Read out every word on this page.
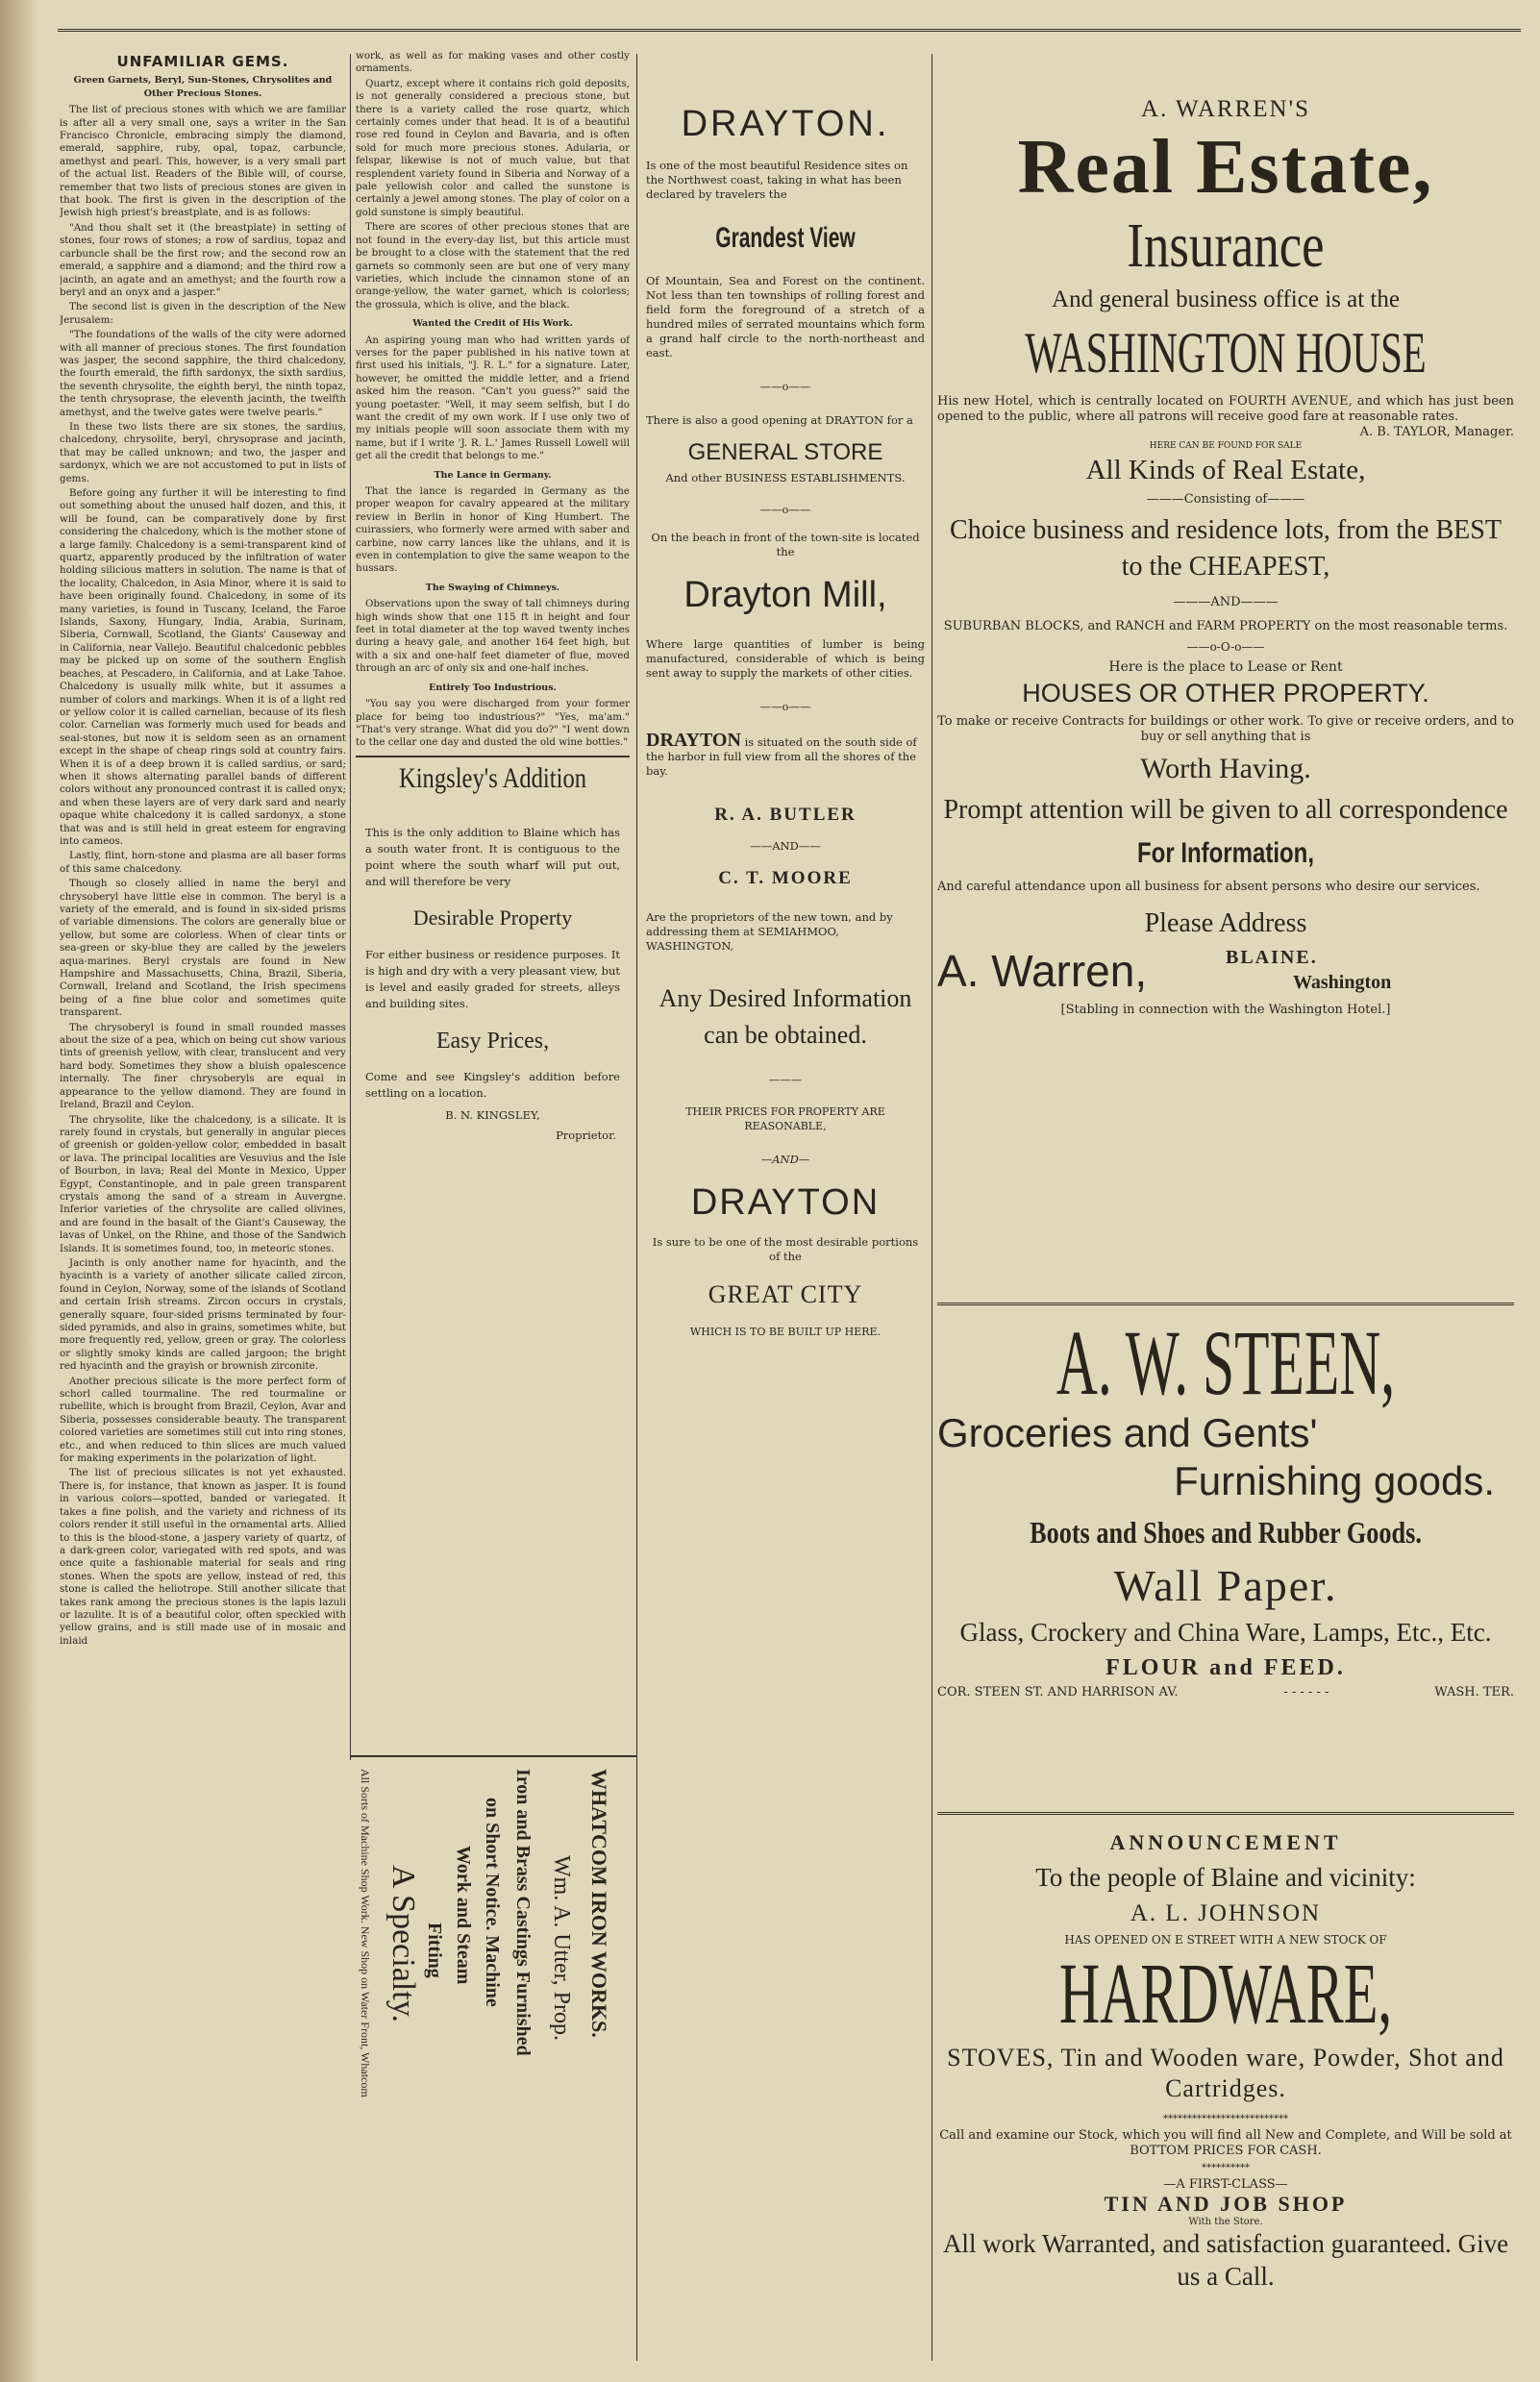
UNFAMILIAR GEMS.
Green Garnets, Beryl, Sun-Stones, Chrysolites and Other Precious Stones.

The list of precious stones with which we are familiar is after all a very small one, says a writer in the San Francisco Chronicle, embracing simply the diamond, emerald, sapphire, ruby, opal, topaz, carbuncle, amethyst and pearl. This, however, is a very small part of the actual list. Readers of the Bible will, of course, remember that two lists of precious stones are given in that book. The first is given in the description of the Jewish high priest's breastplate, and is as follows:

"And thou shalt set it (the breastplate) in setting of stones, four rows of stones; a row of sardius, topaz and carbuncle shall be the first row; and the second row an emerald, a sapphire and a diamond; and the third row a jacinth, an agate and an amethyst; and the fourth row a beryl and an onyx and a jasper."

The second list is given in the description of the New Jerusalem:

"The foundations of the walls of the city were adorned with all manner of precious stones. The first foundation was jasper, the second sapphire, the third chalcedony, the fourth emerald, the fifth sardonyx, the sixth sardius, the seventh chrysolite, the eighth beryl, the ninth topaz, the tenth chrysoprase, the eleventh jacinth, the twelfth amethyst, and the twelve gates were twelve pearls."

In these two lists there are six stones, the sardius, chalcedony, chrysolite, beryl, chrysoprase and jacinth, that may be called unknown; and two, the jasper and sardonyx, which we are not accustomed to put in lists of gems.

Before going any further it will be interesting to find out something about the unused half dozen, and this, it will be found, can be comparatively done by first considering the chalcedony, which is the mother stone of a large family. Chalcedony is a semi-transparent kind of quartz, apparently produced by the infiltration of water holding silicious matters in solution. The name is that of the locality, Chalcedon, in Asia Minor, where it is said to have been originally found. Chalcedony, in some of its many varieties, is found in Tuscany, Iceland, the Faroe Islands, Saxony, Hungary, India, Arabia, Surinam, Siberia, Cornwall, Scotland, the Giants' Causeway and in California, near Vallejo. Beautiful chalcedonic pebbles may be picked up on some of the southern English beaches, at Pescadero, in California, and at Lake Tahoe. Chalcedony is usually milk white, but it assumes a number of colors and markings. When it is of a light red or yellow color it is called carnelian, because of its flesh color. Carnelian was formerly much used for beads and seal-stones, but now it is seldom seen as an ornament except in the shape of cheap rings sold at country fairs. When it is of a deep brown it is called sardius, or sard; when it shows alternating parallel bands of different colors without any pronounced contrast it is called onyx; and when these layers are of very dark sard and nearly opaque white chalcedony it is called sardonyx, a stone that was and is still held in great esteem for engraving into cameos.

Lastly, flint, horn-stone and plasma are all baser forms of this same chalcedony.

Though so closely allied in name the beryl and chrysoberyl have little else in common. The beryl is a variety of the emerald, and is found in six-sided prisms of variable dimensions. The colors are generally blue or yellow, but some are colorless. When of clear tints or sea-green or sky-blue they are called by the jewelers aqua-marines. Beryl crystals are found in New Hampshire and Massachusetts, China, Brazil, Siberia, Cornwall, Ireland and Scotland, the Irish specimens being of a fine blue color and sometimes quite transparent.

The chrysoberyl is found in small rounded masses about the size of a pea, which on being cut show various tints of greenish yellow, with clear, translucent and very hard body. Sometimes they show a bluish opalescence internally. The finer chrysoberyls are equal in appearance to the yellow diamond. They are found in Ireland, Brazil and Ceylon.

The chrysolite, like the chalcedony, is a silicate. It is rarely found in crystals, but generally in angular pieces of greenish or golden-yellow color, embedded in basalt or lava. The principal localities are Vesuvius and the Isle of Bourbon, in lava; Real del Monte in Mexico, Upper Egypt, Constantinople, and in pale green transparent crystals among the sand of a stream in Auvergne. Inferior varieties of the chrysolite are called olivines, and are found in the basalt of the Giant's Causeway, the lavas of Unkel, on the Rhine, and those of the Sandwich Islands. It is sometimes found, too, in meteoric stones.

Jacinth is only another name for hyacinth, and the hyacinth is a variety of another silicate called zircon, found in Ceylon, Norway, some of the islands of Scotland and certain Irish streams. Zircon occurs in crystals, generally square, four-sided prisms terminated by four-sided pyramids, and also in grains, sometimes white, but more frequently red, yellow, green or gray. The colorless or slightly smoky kinds are called jargoon; the bright red hyacinth and the grayish or brownish zirconite.

Another precious silicate is the more perfect form of schorl called tourmaline. The red tourmaline or rubellite, which is brought from Brazil, Ceylon, Avar and Siberia, possesses considerable beauty. The transparent colored varieties are sometimes still cut into ring stones, etc., and when reduced to thin slices are much valued for making experiments in the polarization of light.

The list of precious silicates is not yet exhausted. There is, for instance, that known as jasper. It is found in various colors—spotted, banded or variegated. It takes a fine polish, and the variety and richness of its colors render it still useful in the ornamental arts. Allied to this is the blood-stone, a jaspery variety of quartz, of a dark-green color, variegated with red spots, and was once quite a fashionable material for seals and ring stones. When the spots are yellow, instead of red, this stone is called the heliotrope. Still another silicate that takes rank among the precious stones is the lapis lazuli or lazulite. It is of a beautiful color, often speckled with yellow grains, and is still made use of in mosaic and inlaid

work, as well as for making vases and other costly ornaments.

Quartz, except where it contains rich gold deposits, is not generally considered a precious stone, but there is a variety called the rose quartz, which certainly comes under that head. It is of a beautiful rose red found in Ceylon and Bavaria, and is often sold for much more precious stones. Adularia, or felspar, likewise is not of much value, but that resplendent variety found in Siberia and Norway of a pale yellowish color and called the sunstone is certainly a jewel among stones. The play of color on a gold sunstone is simply beautiful.

There are scores of other precious stones that are not found in the every-day list, but this article must be brought to a close with the statement that the red garnets so commonly seen are but one of very many varieties, which include the cinnamon stone of an orange-yellow, the water garnet, which is colorless; the grossula, which is olive, and the black.

Wanted the Credit of His Work.

An aspiring young man who had written yards of verses for the paper published in his native town at first used his initials, "J. R. L." for a signature. Later, however, he omitted the middle letter, and a friend asked him the reason. "Can't you guess?" said the young poetaster. "Well, it may seem selfish, but I do want the credit of my own work. If I use only two of my initials people will soon associate them with my name, but if I write 'J. R. L.' James Russell Lowell will get all the credit that belongs to me."

The Lance in Germany.

That the lance is regarded in Germany as the proper weapon for cavalry appeared at the military review in Berlin in honor of King Humbert. The cuirassiers, who formerly were armed with saber and carbine, now carry lances like the uhlans, and it is even in contemplation to give the same weapon to the hussars.

The Swaying of Chimneys.

Observations upon the sway of tall chimneys during high winds show that one 115 ft in height and four feet in total diameter at the top waved twenty inches during a heavy gale, and another 164 feet high, but with a six and one-half feet diameter of flue, moved through an arc of only six and one-half inches.

Entirely Too Industrious.

"You say you were discharged from your former place for being too industrious?" "Yes, ma'am." "That's very strange. What did you do?" "I went down to the cellar one day and dusted the old wine bottles."

Kingsley's Addition

This is the only addition to Blaine which has a south water front. It is contiguous to the point where the south wharf will put out, and will therefore be very

Desirable Property

For either business or residence purposes. It is high and dry with a very pleasant view, but is level and easily graded for streets, alleys and building sites.

Easy Prices,

Come and see Kingsley's addition before settling on a location.

B. N. KINGSLEY,
Proprietor.
WHATCOM IRON WORKS.
Wm. A. Utter, Prop.
Iron and Brass Castings Furnished
on Short Notice. Machine
Work and Steam
Fitting
A Specialty.
All Sorts of Machine Shop Work. New Shop on Water Front, Whatcom
DRAYTON.

Is one of the most beautiful Residence sites on the Northwest coast, taking in what has been declared by travelers the

Grandest View

Of Mountain, Sea and Forest on the continent. Not less than ten townships of rolling forest and field form the foreground of a stretch of a hundred miles of serrated mountains which form a grand half circle to the north-northeast and east.

——o——

There is also a good opening at DRAYTON for a

GENERAL STORE

And other BUSINESS ESTABLISHMENTS.

——o——

On the beach in front of the town-site is located the

Drayton Mill,

Where large quantities of lumber is being manufactured, considerable of which is being sent away to supply the markets of other cities.

——o——

DRAYTON is situated on the south side of the harbor in full view from all the shores of the bay.

R. A. BUTLER
——AND——
C. T. MOORE

Are the proprietors of the new town, and by addressing them at SEMIAHMOO, WASHINGTON,

Any Desired Information can be obtained.
———

THEIR PRICES FOR PROPERTY ARE REASONABLE,

—AND—
DRAYTON

Is sure to be one of the most desirable portions of the

GREAT CITY

WHICH IS TO BE BUILT UP HERE.

A. WARREN'S
Real Estate,
Insurance
And general business office is at the
WASHINGTON HOUSE

His new Hotel, which is centrally located on FOURTH AVENUE, and which has just been opened to the public, where all patrons will receive good fare at reasonable rates.

A. B. TAYLOR, Manager.
HERE CAN BE FOUND FOR SALE
All Kinds of Real Estate,
———Consisting of———
Choice business and residence lots, from the BEST to the CHEAPEST,
———AND———
SUBURBAN BLOCKS, and RANCH and FARM PROPERTY on the most reasonable terms.
——o-O-o——
Here is the place to Lease or Rent
HOUSES OR OTHER PROPERTY.
To make or receive Contracts for buildings or other work. To give or receive orders, and to buy or sell anything that is
Worth Having.
Prompt attention will be given to all correspondence
For Information,
And careful attendance upon all business for absent persons who desire our services.
Please Address
A. Warren,	BLAINE.
Washington
[Stabling in connection with the Washington Hotel.]
A. W. STEEN,
Groceries and Gents'
Furnishing goods.
Boots and Shoes and Rubber Goods.
Wall Paper.
Glass, Crockery and China Ware, Lamps, Etc., Etc.
FLOUR and FEED.
COR. STEEN ST. AND HARRISON AV.	- - - - - -	WASH. TER.
ANNOUNCEMENT
To the people of Blaine and vicinity:
A. L. JOHNSON
HAS OPENED ON E STREET WITH A NEW STOCK OF
HARDWARE,
STOVES, Tin and Wooden ware, Powder, Shot and Cartridges.
**************************
Call and examine our Stock, which you will find all New and Complete, and Will be sold at BOTTOM PRICES FOR CASH.
**********
—A FIRST-CLASS—
TIN AND JOB SHOP
With the Store.
All work Warranted, and satisfaction guaranteed. Give us a Call.
